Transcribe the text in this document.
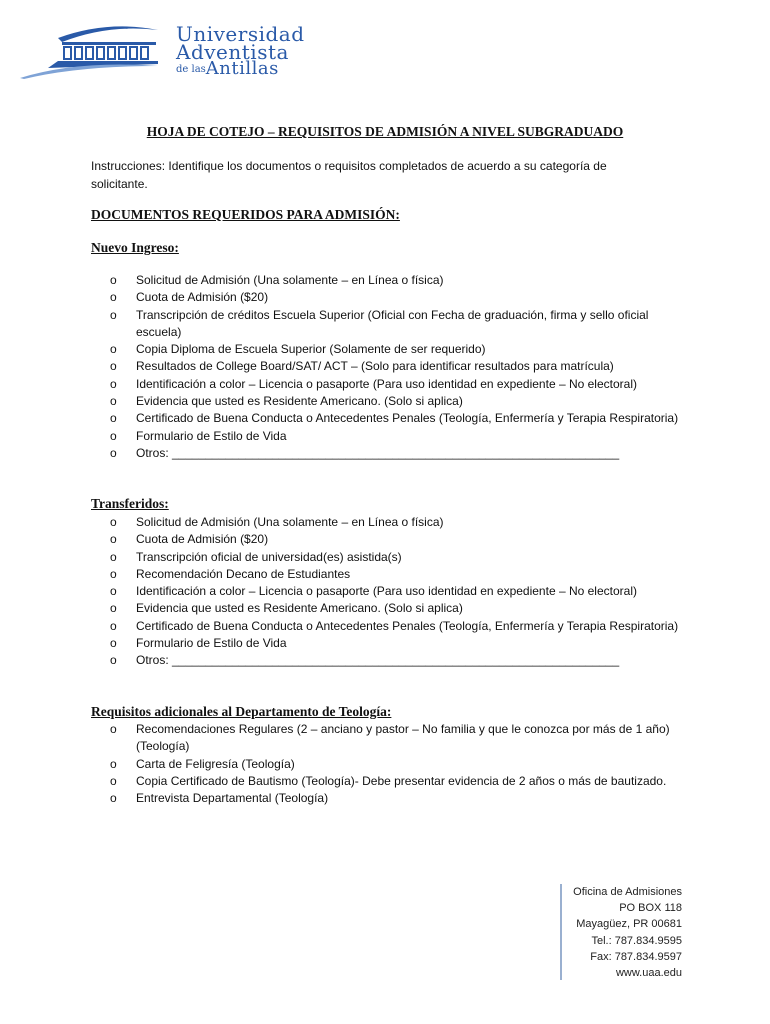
Universidad
Adventista
de lasAntillas
HOJA DE COTEJO – REQUISITOS DE ADMISIÓN A NIVEL SUBGRADUADO
Instrucciones: Identifique los documentos o requisitos completados de acuerdo a su categoría de solicitante.
DOCUMENTOS REQUERIDOS PARA ADMISIÓN:
Nuevo Ingreso:
o Solicitud de Admisión (Una solamente – en Línea o física)
o Cuota de Admisión ($20)
o Transcripción de créditos Escuela Superior (Oficial con Fecha de graduación, firma y sello oficial escuela)
o Copia Diploma de Escuela Superior (Solamente de ser requerido)
o Resultados de College Board/SAT/ ACT – (Solo para identificar resultados para matrícula)
o Identificación a color – Licencia o pasaporte (Para uso identidad en expediente – No electoral)
o Evidencia que usted es Residente Americano. (Solo si aplica)
o Certificado de Buena Conducta o Antecedentes Penales (Teología, Enfermería y Terapia Respiratoria)
o Formulario de Estilo de Vida
o Otros: ___________________________________________________________________
Transferidos:
o Solicitud de Admisión (Una solamente – en Línea o física)
o Cuota de Admisión ($20)
o Transcripción oficial de universidad(es) asistida(s)
o Recomendación Decano de Estudiantes
o Identificación a color – Licencia o pasaporte (Para uso identidad en expediente – No electoral)
o Evidencia que usted es Residente Americano. (Solo si aplica)
o Certificado de Buena Conducta o Antecedentes Penales (Teología, Enfermería y Terapia Respiratoria)
o Formulario de Estilo de Vida
o Otros: ___________________________________________________________________
Requisitos adicionales al Departamento de Teología:
o Recomendaciones Regulares (2 – anciano y pastor – No familia y que le conozca por más de 1 año) (Teología)
o Carta de Feligresía (Teología)
o Copia Certificado de Bautismo (Teología)- Debe presentar evidencia de 2 años o más de bautizado.
o Entrevista Departamental (Teología)
Oficina de Admisiones
PO BOX 118
Mayagüez, PR 00681
Tel.: 787.834.9595
Fax: 787.834.9597
www.uaa.edu
